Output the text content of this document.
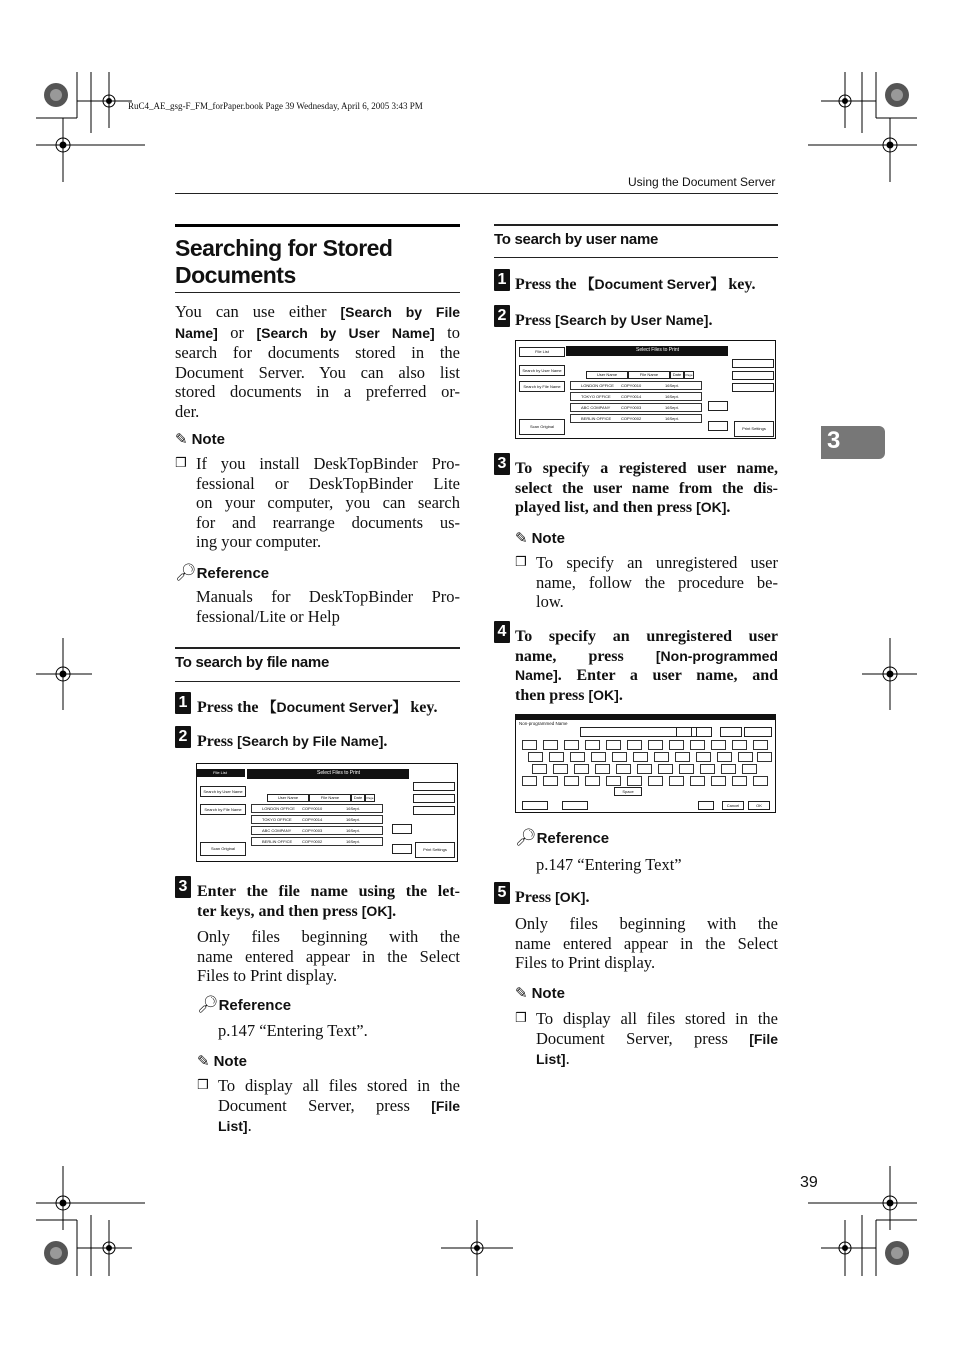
RuC4_AE_gsg-F_FM_forPaper.book Page 39 Wednesday, April 6, 2005 3:43 PM
Using the Document Server
3
Searching for Stored
Documents
You can use either [Search by File
Name] or [Search by User Name] to
search for documents stored in the
Document Server. You can also list
stored documents in a preferred or-
der.
✎ Note
❒ If you install DeskTopBinder Pro-
fessional or DeskTopBinder Lite
on your computer, you can search
for and rearrange documents us-
ing your computer.
🔎︎Reference
Manuals for DeskTopBinder Pro-
fessional/Lite or Help
To search by file name
1 Press the 【Document Server】 key.
2 Press [Search by File Name].
File List	Select Files to Print
Search by User Name
Search by File Name
Scan Original
User Name	File Name	Date	Page
LONDON OFFICE COPY0010	16Sept.
TOKYO OFFICE	COPY0014	16Sept.
ABC COMPANY	COPY0003	16Sept.
BERLIN OFFICE COPY0002	16Sept.
Print Settings
3 Enter the file name using the let-
ter keys, and then press [OK].
Only files beginning with the
name entered appear in the Select
Files to Print display.
🔎︎Reference
p.147 “Entering Text”.
✎ Note
❒ To display all files stored in the
Document Server, press [File
List].
To search by user name
1 Press the 【Document Server】 key.
2 Press [Search by User Name].
Select Files to Print
File List
Search by User Name
Search by File Name
Scan Original
User Name	File Name	Date	Page
LONDON OFFICE COPY0010	16Sept.
TOKYO OFFICE	COPY0014	16Sept.
ABC COMPANY	COPY0003	16Sept.
BERLIN OFFICE COPY0002	16Sept.
Print Settings
3 To specify a registered user name,
select the user name from the dis-
played list, and then press [OK].
✎ Note
❒ To specify an unregistered user
name, follow the procedure be-
low.
4 To specify an unregistered user
name, press [Non-programmed
Name]. Enter a user name, and
then press [OK].
Non-programmed Name
Space
Cancel	OK
🔎︎Reference
p.147 “Entering Text”
5 Press [OK].
Only files beginning with the
name entered appear in the Select
Files to Print display.
✎ Note
❒ To display all files stored in the
Document Server, press [File
List].
39
